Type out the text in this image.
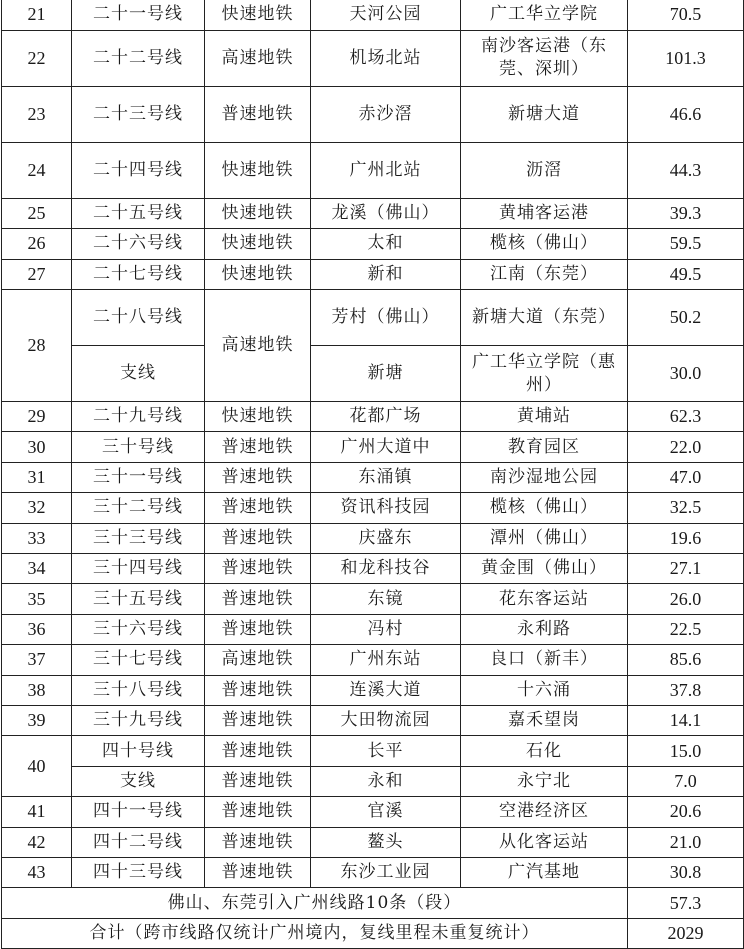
21	二十一号线	快速地铁	天河公园	广工华立学院	70.5
22	二十二号线	高速地铁	机场北站	南沙客运港（东莞、深圳）	101.3
23	二十三号线	普速地铁	赤沙滘	新塘大道	46.6
24	二十四号线	快速地铁	广州北站	沥滘	44.3
25	二十五号线	快速地铁	龙溪（佛山）	黄埔客运港	39.3
26	二十六号线	快速地铁	太和	榄核（佛山）	59.5
27	二十七号线	快速地铁	新和	江南（东莞）	49.5
28	二十八号线	高速地铁	芳村（佛山）	新塘大道（东莞）	50.2
	支线		新塘	广工华立学院（惠州）	30.0
29	二十九号线	快速地铁	花都广场	黄埔站	62.3
30	三十号线	普速地铁	广州大道中	教育园区	22.0
31	三十一号线	普速地铁	东涌镇	南沙湿地公园	47.0
32	三十二号线	普速地铁	资讯科技园	榄核（佛山）	32.5
33	三十三号线	普速地铁	庆盛东	潭州（佛山）	19.6
34	三十四号线	普速地铁	和龙科技谷	黄金围（佛山）	27.1
35	三十五号线	普速地铁	东镜	花东客运站	26.0
36	三十六号线	普速地铁	冯村	永利路	22.5
37	三十七号线	高速地铁	广州东站	良口（新丰）	85.6
38	三十八号线	普速地铁	连溪大道	十六涌	37.8
39	三十九号线	普速地铁	大田物流园	嘉禾望岗	14.1
40	四十号线	普速地铁	长平	石化	15.0
	支线	普速地铁	永和	永宁北	7.0
41	四十一号线	普速地铁	官溪	空港经济区	20.6
42	四十二号线	普速地铁	鳌头	从化客运站	21.0
43	四十三号线	普速地铁	东沙工业园	广汽基地	30.8
佛山、东莞引入广州线路10条（段）					57.3
合计（跨市线路仅统计广州境内，复线里程未重复统计）					2029
